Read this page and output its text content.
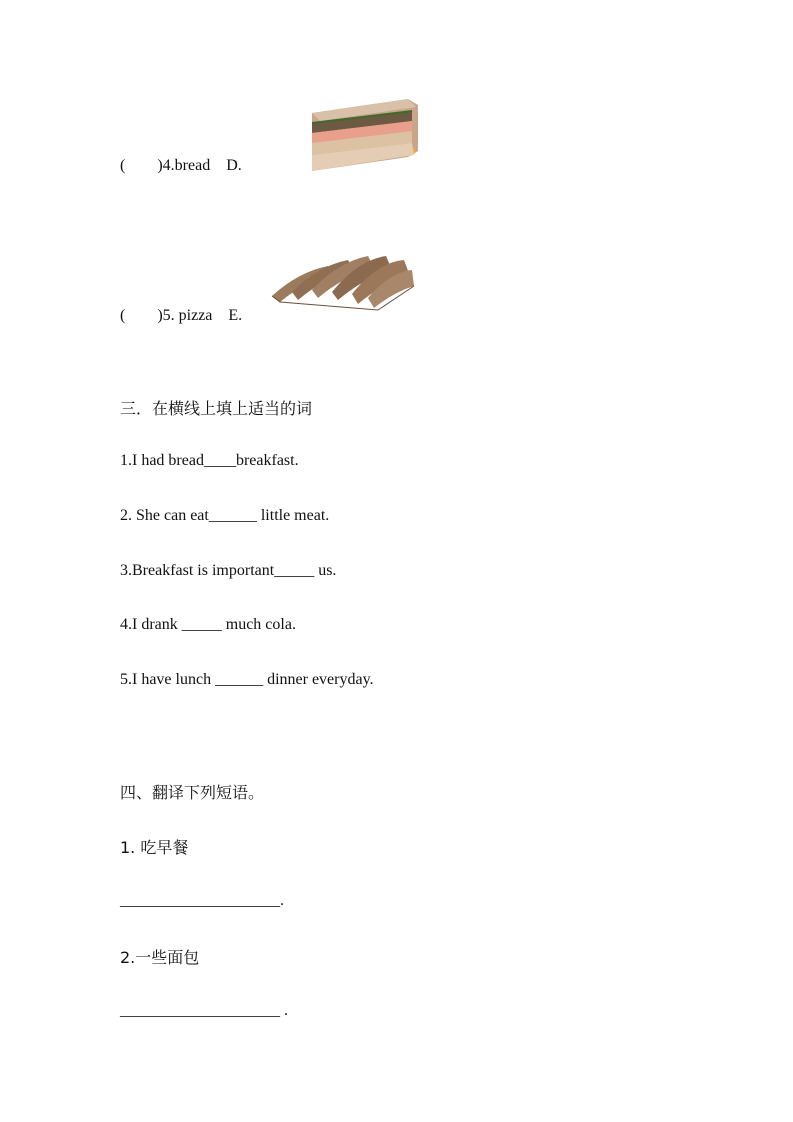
(        )4.bread    D.
(        )5. pizza    E.
三．在横线上填上适当的词
1.I had bread____breakfast.
2. She can eat______ little meat.
3.Breakfast is important_____ us.
4.I drank _____ much cola.
5.I have lunch ______ dinner everyday.
四、翻译下列短语。
1. 吃早餐
____________________.
2.一些面包
____________________ .
